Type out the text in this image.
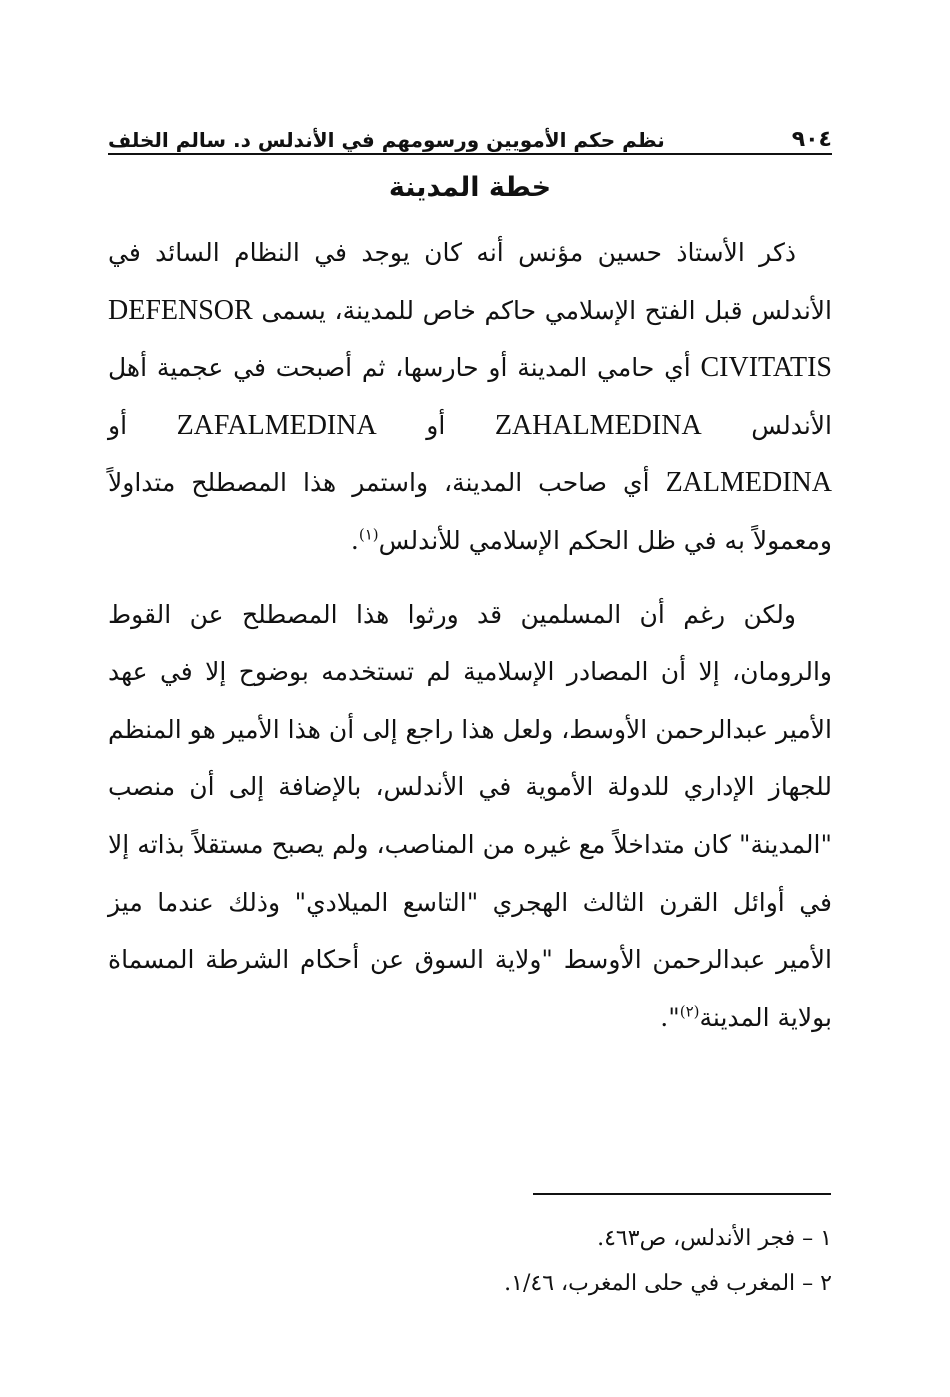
نظم حكم الأمويين ورسومهم في الأندلس د. سالم الخلف	٩٠٤
خطة المدينة

ذكر الأستاذ حسين مؤنس أنه كان يوجد في النظام السائد في الأندلس قبل الفتح الإسلامي حاكم خاص للمدينة، يسمى DEFENSOR CIVITATIS أي حامي المدينة أو حارسها، ثم أصبحت في عجمية أهل الأندلس ZAHALMEDINA أو ZAFALMEDINA أو ZALMEDINA أي صاحب المدينة، واستمر هذا المصطلح متداولاً ومعمولاً به في ظل الحكم الإسلامي للأندلس$^{(١)}$.

ولكن رغم أن المسلمين قد ورثوا هذا المصطلح عن القوط والرومان، إلا أن المصادر الإسلامية لم تستخدمه بوضوح إلا في عهد الأمير عبدالرحمن الأوسط، ولعل هذا راجع إلى أن هذا الأمير هو المنظم للجهاز الإداري للدولة الأموية في الأندلس، بالإضافة إلى أن منصب "المدينة" كان متداخلاً مع غيره من المناصب، ولم يصبح مستقلاً بذاته إلا في أوائل القرن الثالث الهجري "التاسع الميلادي" وذلك عندما ميز الأمير عبدالرحمن الأوسط "ولاية السوق عن أحكام الشرطة المسماة بولاية المدينة$^{(٢)}$".

١ – فجر الأندلس، ص٤٦٣.

٢ – المغرب في حلى المغرب، ١/٤٦.
